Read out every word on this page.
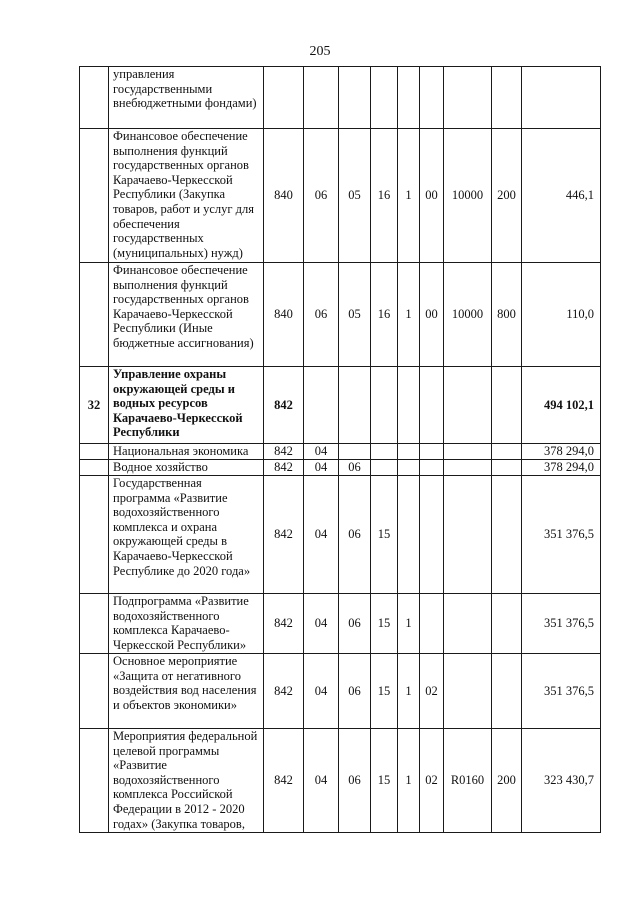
205
	управления государственными внебюджетными фондами)									
	Финансовое обеспечение выполнения функций государственных органов Карачаево-Черкесской Республики (Закупка товаров, работ и услуг для обеспечения государственных (муниципальных) нужд)	840	06	05	16	1	00	10000	200	446,1
	Финансовое обеспечение выполнения функций государственных органов Карачаево-Черкесской Республики (Иные бюджетные ассигнования)	840	06	05	16	1	00	10000	800	110,0
32	Управление охраны окружающей среды и водных ресурсов Карачаево-Черкесской Республики	842								494 102,1
	Национальная экономика	842	04							378 294,0
	Водное хозяйство	842	04	06						378 294,0
	Государственная программа «Развитие водохозяйственного комплекса и охрана окружающей среды в Карачаево-Черкесской Республике до 2020 года»	842	04	06	15					351 376,5
	Подпрограмма «Развитие водохозяйственного комплекса Карачаево-Черкесской Республики»	842	04	06	15	1				351 376,5
	Основное мероприятие «Защита от негативного воздействия вод населения и объектов экономики»	842	04	06	15	1	02			351 376,5
	Мероприятия федеральной целевой программы «Развитие водохозяйственного комплекса Российской Федерации в 2012 - 2020 годах» (Закупка товаров,	842	04	06	15	1	02	R0160	200	323 430,7
